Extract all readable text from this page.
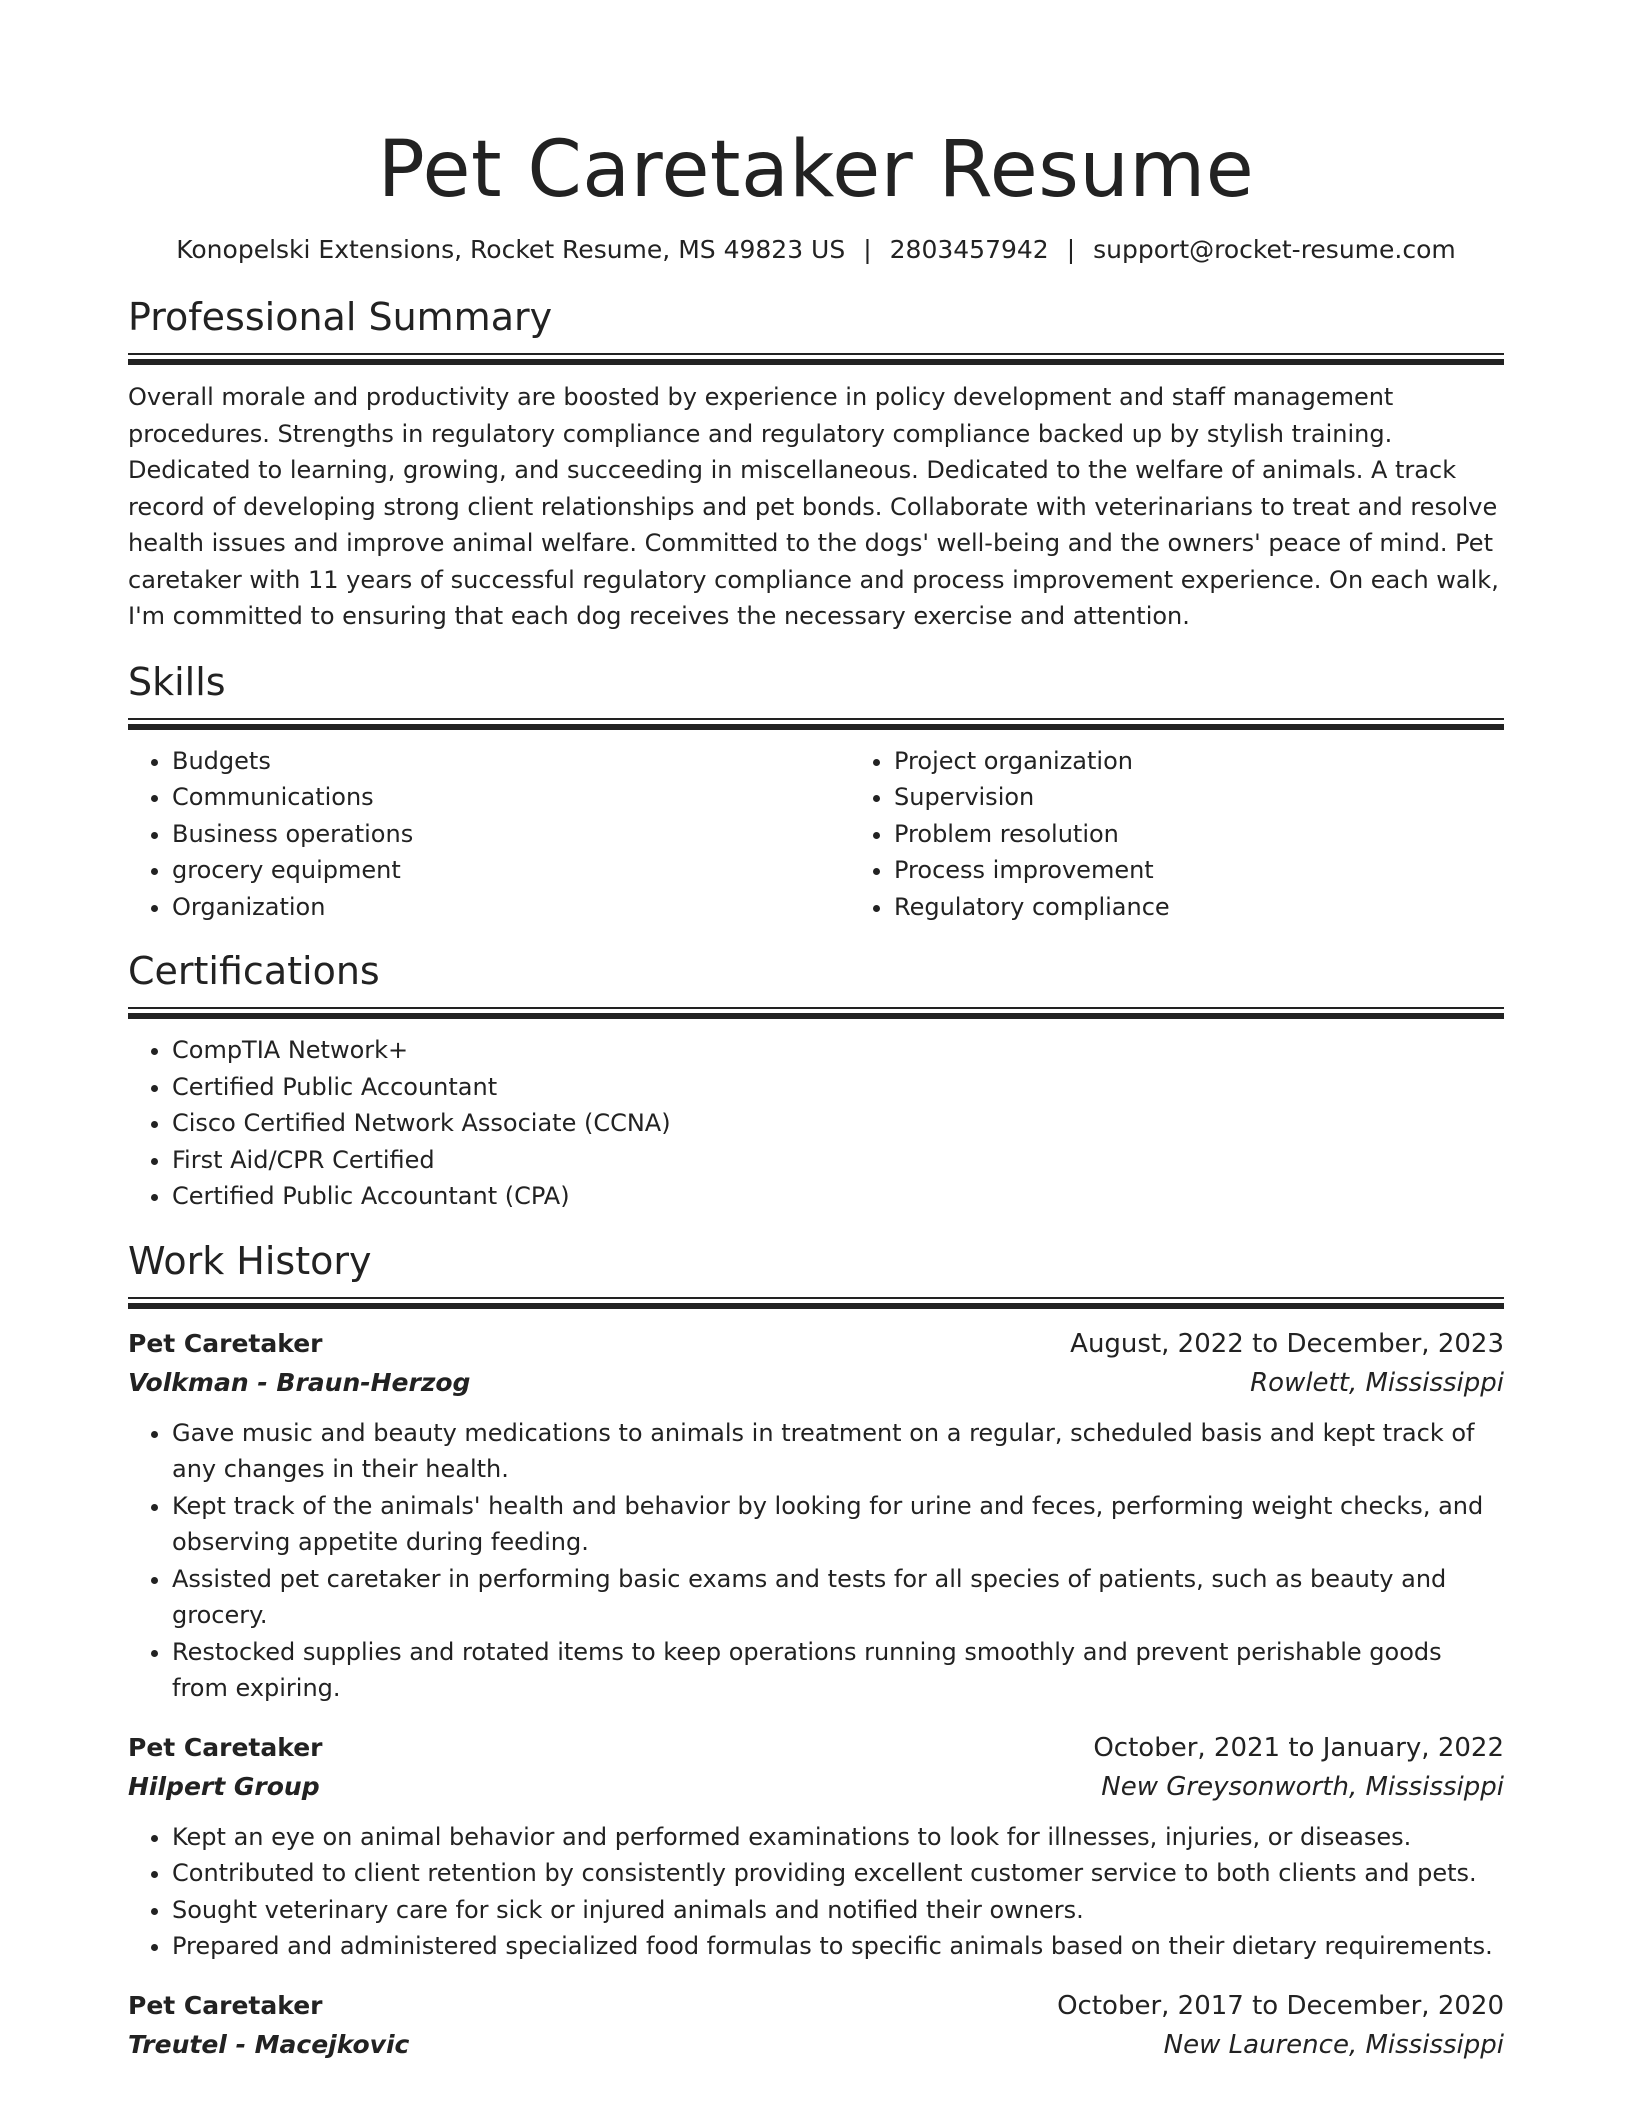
Pet Caretaker Resume
Konopelski Extensions, Rocket Resume, MS 49823 US | 2803457942 | support@rocket-resume.com
Professional Summary

Overall morale and productivity are boosted by experience in policy development and staff management procedures. Strengths in regulatory compliance and regulatory compliance backed up by stylish training. Dedicated to learning, growing, and succeeding in miscellaneous. Dedicated to the welfare of animals. A track record of developing strong client relationships and pet bonds. Collaborate with veterinarians to treat and resolve health issues and improve animal welfare. Committed to the dogs' well-being and the owners' peace of mind. Pet caretaker with 11 years of successful regulatory compliance and process improvement experience. On each walk, I'm committed to ensuring that each dog receives the necessary exercise and attention.

Skills
• Budgets
• Communications
• Business operations
• grocery equipment
• Organization
• Project organization
• Supervision
• Problem resolution
• Process improvement
• Regulatory compliance
Certifications
• CompTIA Network+
• Certified Public Accountant
• Cisco Certified Network Associate (CCNA)
• First Aid/CPR Certified
• Certified Public Accountant (CPA)
Work History
Pet Caretaker	August, 2022 to December, 2023
Volkman - Braun-Herzog	Rowlett, Mississippi
• Gave music and beauty medications to animals in treatment on a regular, scheduled basis and kept track of any changes in their health.
• Kept track of the animals' health and behavior by looking for urine and feces, performing weight checks, and observing appetite during feeding.
• Assisted pet caretaker in performing basic exams and tests for all species of patients, such as beauty and grocery.
• Restocked supplies and rotated items to keep operations running smoothly and prevent perishable goods from expiring.
Pet Caretaker	October, 2021 to January, 2022
Hilpert Group	New Greysonworth, Mississippi
• Kept an eye on animal behavior and performed examinations to look for illnesses, injuries, or diseases.
• Contributed to client retention by consistently providing excellent customer service to both clients and pets.
• Sought veterinary care for sick or injured animals and notified their owners.
• Prepared and administered specialized food formulas to specific animals based on their dietary requirements.
Pet Caretaker	October, 2017 to December, 2020
Treutel - Macejkovic	New Laurence, Mississippi
